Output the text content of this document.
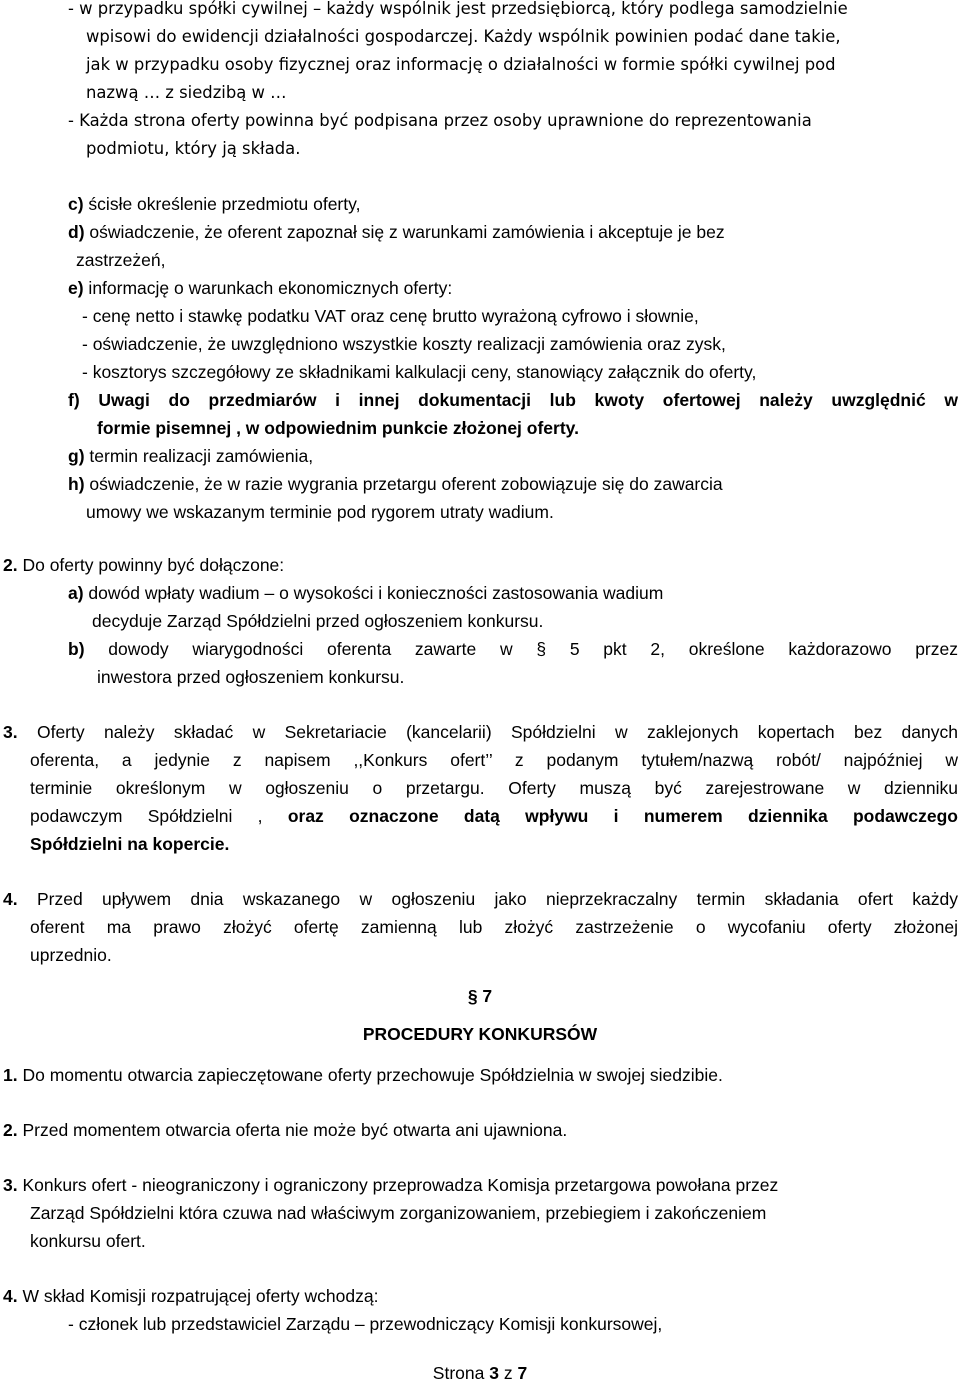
- w przypadku spółki cywilnej – każdy wspólnik jest przedsiębiorcą, który podlega samodzielnie
wpisowi do ewidencji działalności gospodarczej. Każdy wspólnik powinien podać dane takie,
jak w przypadku osoby fizycznej oraz informację o działalności w formie spółki cywilnej pod
nazwą … z siedzibą w …
- Każda strona oferty powinna być podpisana przez osoby uprawnione do reprezentowania
podmiotu, który ją składa.
c) ścisłe określenie przedmiotu oferty,
d) oświadczenie, że oferent zapoznał się z warunkami zamówienia i akceptuje je bez
zastrzeżeń,
e) informację o warunkach ekonomicznych oferty:
- cenę netto i stawkę podatku VAT oraz cenę brutto wyrażoną cyfrowo i słownie,
- oświadczenie, że uwzględniono wszystkie koszty realizacji zamówienia oraz zysk,
- kosztorys szczegółowy ze składnikami kalkulacji ceny, stanowiący załącznik do oferty,
f) Uwagi do przedmiarów i innej dokumentacji lub kwoty ofertowej należy uwzględnić w
formie pisemnej , w odpowiednim punkcie złożonej oferty.
g) termin realizacji zamówienia,
h) oświadczenie, że w razie wygrania przetargu oferent zobowiązuje się do zawarcia
umowy we wskazanym terminie pod rygorem utraty wadium.
2. Do oferty powinny być dołączone:
a) dowód wpłaty wadium – o wysokości i konieczności zastosowania wadium
decyduje Zarząd Spółdzielni przed ogłoszeniem konkursu.
b) dowody wiarygodności oferenta zawarte w § 5 pkt 2, określone każdorazowo przez
inwestora przed ogłoszeniem konkursu.
3. Oferty należy składać w Sekretariacie (kancelarii) Spółdzielni w zaklejonych kopertach bez danych
oferenta, a jedynie z napisem ,,Konkurs ofert’’ z podanym tytułem/nazwą robót/ najpóźniej w
terminie określonym w ogłoszeniu o przetargu. Oferty muszą być zarejestrowane w dzienniku
podawczym Spółdzielni , oraz oznaczone datą wpływu i numerem dziennika podawczego
Spółdzielni na kopercie.
4. Przed upływem dnia wskazanego w ogłoszeniu jako nieprzekraczalny termin składania ofert każdy
oferent ma prawo złożyć ofertę zamienną lub złożyć zastrzeżenie o wycofaniu oferty złożonej
uprzednio.
§ 7
PROCEDURY KONKURSÓW
1. Do momentu otwarcia zapieczętowane oferty przechowuje Spółdzielnia w swojej siedzibie.
2. Przed momentem otwarcia oferta nie może być otwarta ani ujawniona.
3. Konkurs ofert - nieograniczony i ograniczony przeprowadza Komisja przetargowa powołana przez
Zarząd Spółdzielni która czuwa nad właściwym zorganizowaniem, przebiegiem i zakończeniem
konkursu ofert.
4. W skład Komisji rozpatrującej oferty wchodzą:
- członek lub przedstawiciel Zarządu – przewodniczący Komisji konkursowej,
Strona 3 z 7
